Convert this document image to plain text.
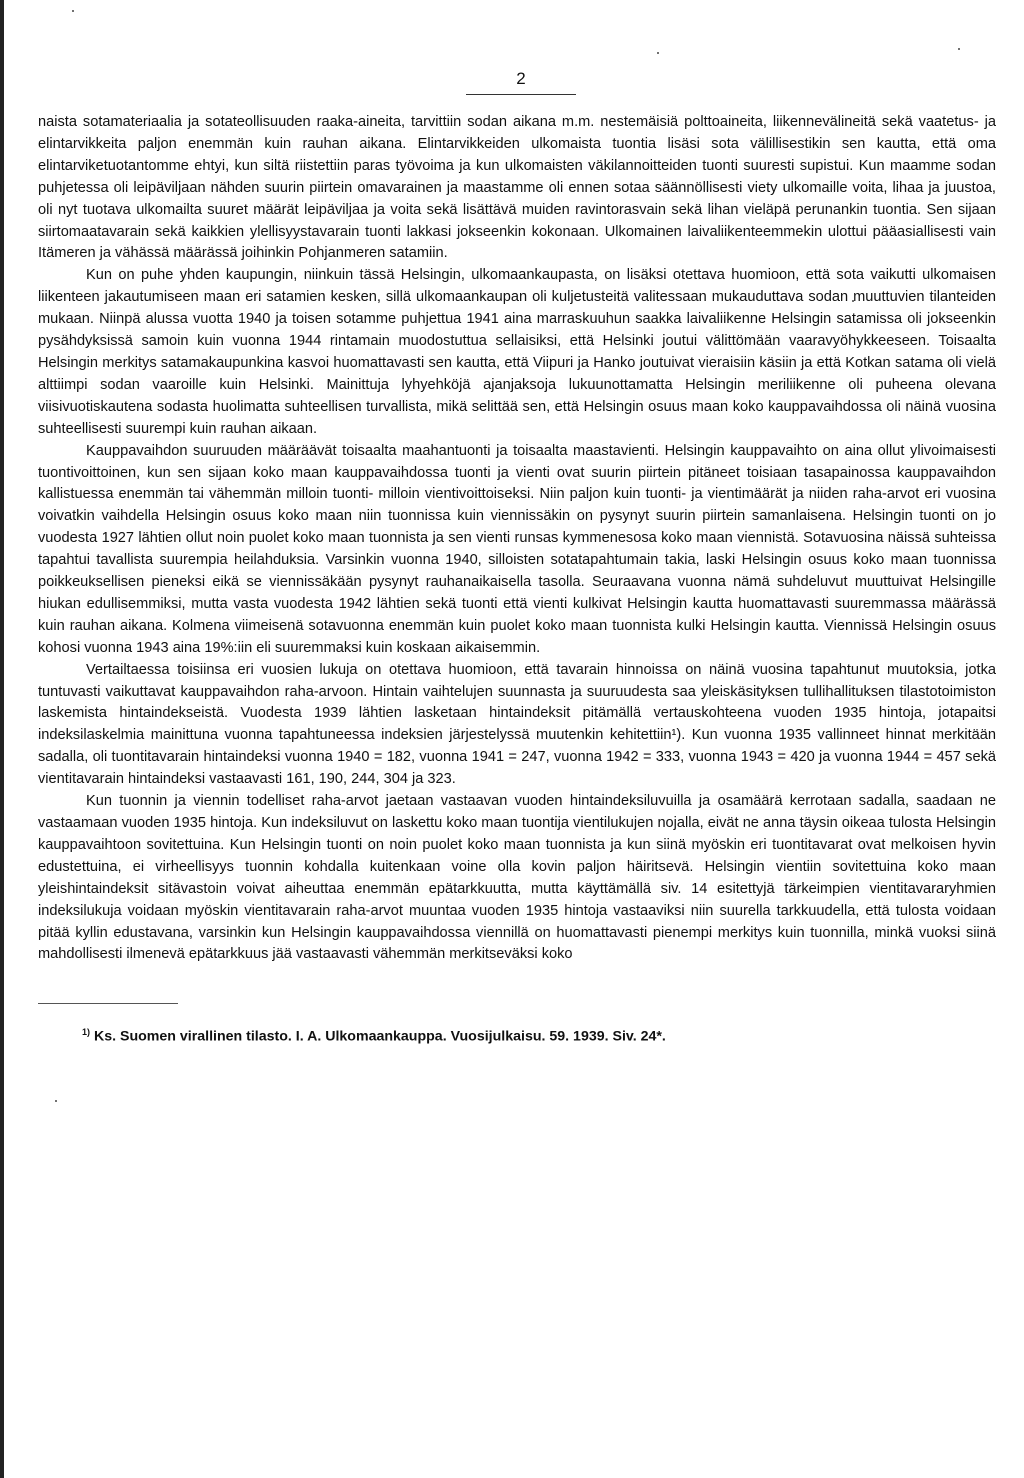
2

naista sotamateriaalia ja sotateollisuuden raaka-aineita, tarvittiin sodan aikana m.m. nestemäisiä polttoaineita, liikennevälineitä sekä vaatetus- ja elintarvikkeita paljon enemmän kuin rauhan aikana. Elintarvikkeiden ulkomaista tuontia lisäsi sota välillisestikin sen kautta, että oma elintarviketuotantomme ehtyi, kun siltä riistettiin paras työvoima ja kun ulkomaisten väkilannoitteiden tuonti suuresti supistui. Kun maamme sodan puhjetessa oli leipäviljaan nähden suurin piirtein omavarainen ja maastamme oli ennen sotaa säännöllisesti viety ulkomaille voita, lihaa ja juustoa, oli nyt tuotava ulkomailta suuret määrät leipäviljaa ja voita sekä lisättävä muiden ravintorasvain sekä lihan vieläpä perunankin tuontia. Sen sijaan siirtomaatavarain sekä kaikkien ylellisyystavarain tuonti lakkasi jokseenkin kokonaan. Ulkomainen laivaliikenteemmekin ulottui pääasiallisesti vain Itämeren ja vähässä määrässä joihinkin Pohjanmeren satamiin.

Kun on puhe yhden kaupungin, niinkuin tässä Helsingin, ulkomaankaupasta, on lisäksi otettava huomioon, että sota vaikutti ulkomaisen liikenteen jakautumiseen maan eri satamien kesken, sillä ulkomaankaupan oli kuljetusteitä valitessaan mukauduttava sodan muuttuvien tilanteiden mukaan. Niinpä alussa vuotta 1940 ja toisen sotamme puhjettua 1941 aina marraskuuhun saakka laivaliikenne Helsingin satamissa oli jokseenkin pysähdyksissä samoin kuin vuonna 1944 rintamain muodostuttua sellaisiksi, että Helsinki joutui välittömään vaaravyöhykkeeseen. Toisaalta Helsingin merkitys satamakaupunkina kasvoi huomattavasti sen kautta, että Viipuri ja Hanko joutuivat vieraisiin käsiin ja että Kotkan satama oli vielä alttiimpi sodan vaaroille kuin Helsinki. Mainittuja lyhyehköjä ajanjaksoja lukuunottamatta Helsingin meriliikenne oli puheena olevana viisivuotiskautena sodasta huolimatta suhteellisen turvallista, mikä selittää sen, että Helsingin osuus maan koko kauppavaihdossa oli näinä vuosina suhteellisesti suurempi kuin rauhan aikaan.

Kauppavaihdon suuruuden määräävät toisaalta maahantuonti ja toisaalta maastavienti. Helsingin kauppavaihto on aina ollut ylivoimaisesti tuontivoittoinen, kun sen sijaan koko maan kauppavaihdossa tuonti ja vienti ovat suurin piirtein pitäneet toisiaan tasapainossa kauppavaihdon kallistuessa enemmän tai vähemmän milloin tuonti- milloin vientivoittoiseksi. Niin paljon kuin tuonti- ja vientimäärät ja niiden raha-arvot eri vuosina voivatkin vaihdella Helsingin osuus koko maan niin tuonnissa kuin viennissäkin on pysynyt suurin piirtein samanlaisena. Helsingin tuonti on jo vuodesta 1927 lähtien ollut noin puolet koko maan tuonnista ja sen vienti runsas kymmenesosa koko maan viennistä. Sotavuosina näissä suhteissa tapahtui tavallista suurempia heilahduksia. Varsinkin vuonna 1940, silloisten sotatapahtumain takia, laski Helsingin osuus koko maan tuonnissa poikkeuksellisen pieneksi eikä se viennissäkään pysynyt rauhanaikaisella tasolla. Seuraavana vuonna nämä suhdeluvut muuttuivat Helsingille hiukan edullisemmiksi, mutta vasta vuodesta 1942 lähtien sekä tuonti että vienti kulkivat Helsingin kautta huomattavasti suuremmassa määrässä kuin rauhan aikana. Kolmena viimeisenä sotavuonna enemmän kuin puolet koko maan tuonnista kulki Helsingin kautta. Viennissä Helsingin osuus kohosi vuonna 1943 aina 19%:iin eli suuremmaksi kuin koskaan aikaisemmin.

Vertailtaessa toisiinsa eri vuosien lukuja on otettava huomioon, että tavarain hinnoissa on näinä vuosina tapahtunut muutoksia, jotka tuntuvasti vaikuttavat kauppavaihdon raha-arvoon. Hintain vaihtelujen suunnasta ja suuruudesta saa yleiskäsityksen tullihallituksen tilastotoimiston laskemista hintaindekseistä. Vuodesta 1939 lähtien lasketaan hintaindeksit pitämällä vertauskohteena vuoden 1935 hintoja, jotapaitsi indeksilaskelmia mainittuna vuonna tapahtuneessa indeksien järjestelyssä muutenkin kehitettiin¹). Kun vuonna 1935 vallinneet hinnat merkitään sadalla, oli tuontitavarain hintaindeksi vuonna 1940 = 182, vuonna 1941 = 247, vuonna 1942 = 333, vuonna 1943 = 420 ja vuonna 1944 = 457 sekä vientitavarain hintaindeksi vastaavasti 161, 190, 244, 304 ja 323.

Kun tuonnin ja viennin todelliset raha-arvot jaetaan vastaavan vuoden hintaindeksiluvuilla ja osamäärä kerrotaan sadalla, saadaan ne vastaamaan vuoden 1935 hintoja. Kun indeksiluvut on laskettu koko maan tuontija vientilukujen nojalla, eivät ne anna täysin oikeaa tulosta Helsingin kauppavaihtoon sovitettuina. Kun Helsingin tuonti on noin puolet koko maan tuonnista ja kun siinä myöskin eri tuontitavarat ovat melkoisen hyvin edustettuina, ei virheellisyys tuonnin kohdalla kuitenkaan voine olla kovin paljon häiritsevä. Helsingin vientiin sovitettuina koko maan yleishintaindeksit sitävastoin voivat aiheuttaa enemmän epätarkkuutta, mutta käyttämällä siv. 14 esitettyjä tärkeimpien vientitavararyhmien indeksilukuja voidaan myöskin vientitavarain raha-arvot muuntaa vuoden 1935 hintoja vastaaviksi niin suurella tarkkuudella, että tulosta voidaan pitää kyllin edustavana, varsinkin kun Helsingin kauppavaihdossa viennillä on huomattavasti pienempi merkitys kuin tuonnilla, minkä vuoksi siinä mahdollisesti ilmenevä epätarkkuus jää vastaavasti vähemmän merkitseväksi koko

$^{1)}$ Ks. Suomen virallinen tilasto. I. A. Ulkomaankauppa. Vuosijulkaisu. 59. 1939. Siv. 24*.
